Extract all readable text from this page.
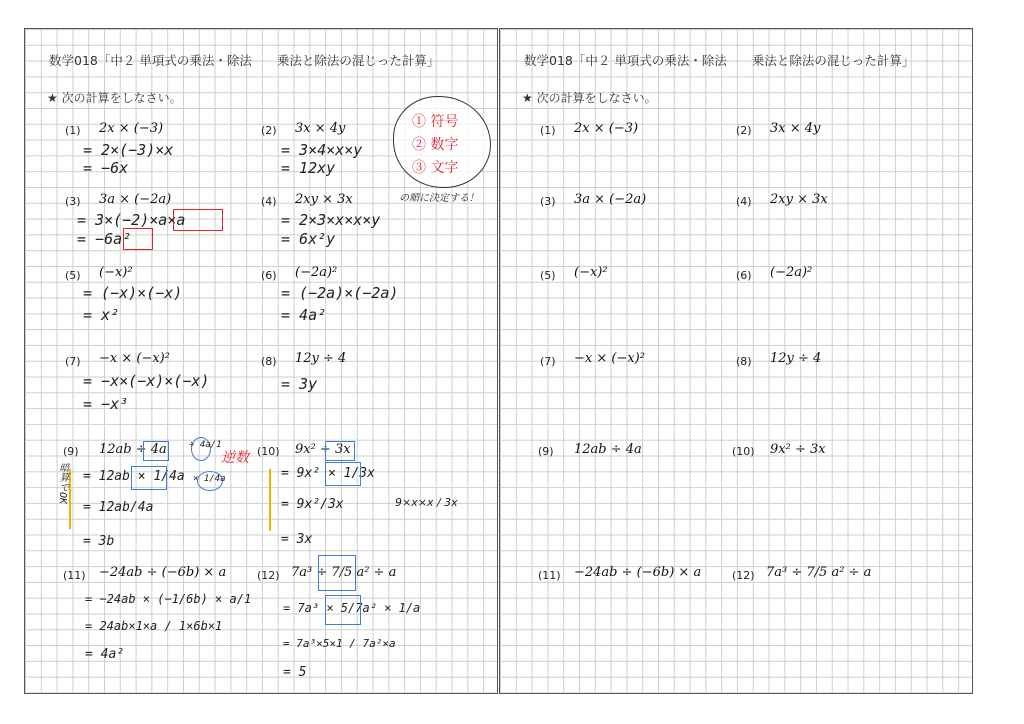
数学018「中２ 単項式の乗法・除法　　乗法と除法の混じった計算」
★ 次の計算をしなさい。
(1) 2x × (−3)
= 2×(−3)×x
= −6x
(2) 3x × 4y
= 3×4×x×y
= 12xy
(3) 3a × (−2a)
= 3×(−2)×a×a
= −6a²
(4) 2xy × 3x
= 2×3×x×x×y
= 6x²y
① 符号
② 数字
③ 文字
の順に決定する！
(5) (−x)²
= (−x)×(−x)
= x²
(6) (−2a)²
= (−2a)×(−2a)
= 4a²
(7) −x × (−x)²
= −x×(−x)×(−x)
= −x³
(8) 12y ÷ 4
= 3y
(9) 12ab ÷ 4a
= 12ab × 1/4a
= 12ab/4a
= 3b
÷ 4a/1
× 1/4a
逆数
暗算でOK
(10) 9x² ÷ 3x
= 9x² × 1/3x
= 9x²/3x
= 3x
9×x×x / 3x
(11) −24ab ÷ (−6b) × a
= −24ab × (−1/6b) × a/1
= 24ab×1×a / 1×6b×1
= 4a²
(12) 7a³ ÷ 7/5 a² ÷ a
= 7a³ × 5/7a² × 1/a
= 7a³×5×1 / 7a²×a
= 5
数学018「中２ 単項式の乗法・除法　　乗法と除法の混じった計算」
★ 次の計算をしなさい。
(1) 2x × (−3)	(2) 3x × 4y
(3) 3a × (−2a)	(4) 2xy × 3x
(5) (−x)²	(6) (−2a)²
(7) −x × (−x)²	(8) 12y ÷ 4
(9) 12ab ÷ 4a	(10) 9x² ÷ 3x
(11) −24ab ÷ (−6b) × a	(12) 7a³ ÷ 7/5 a² ÷ a
